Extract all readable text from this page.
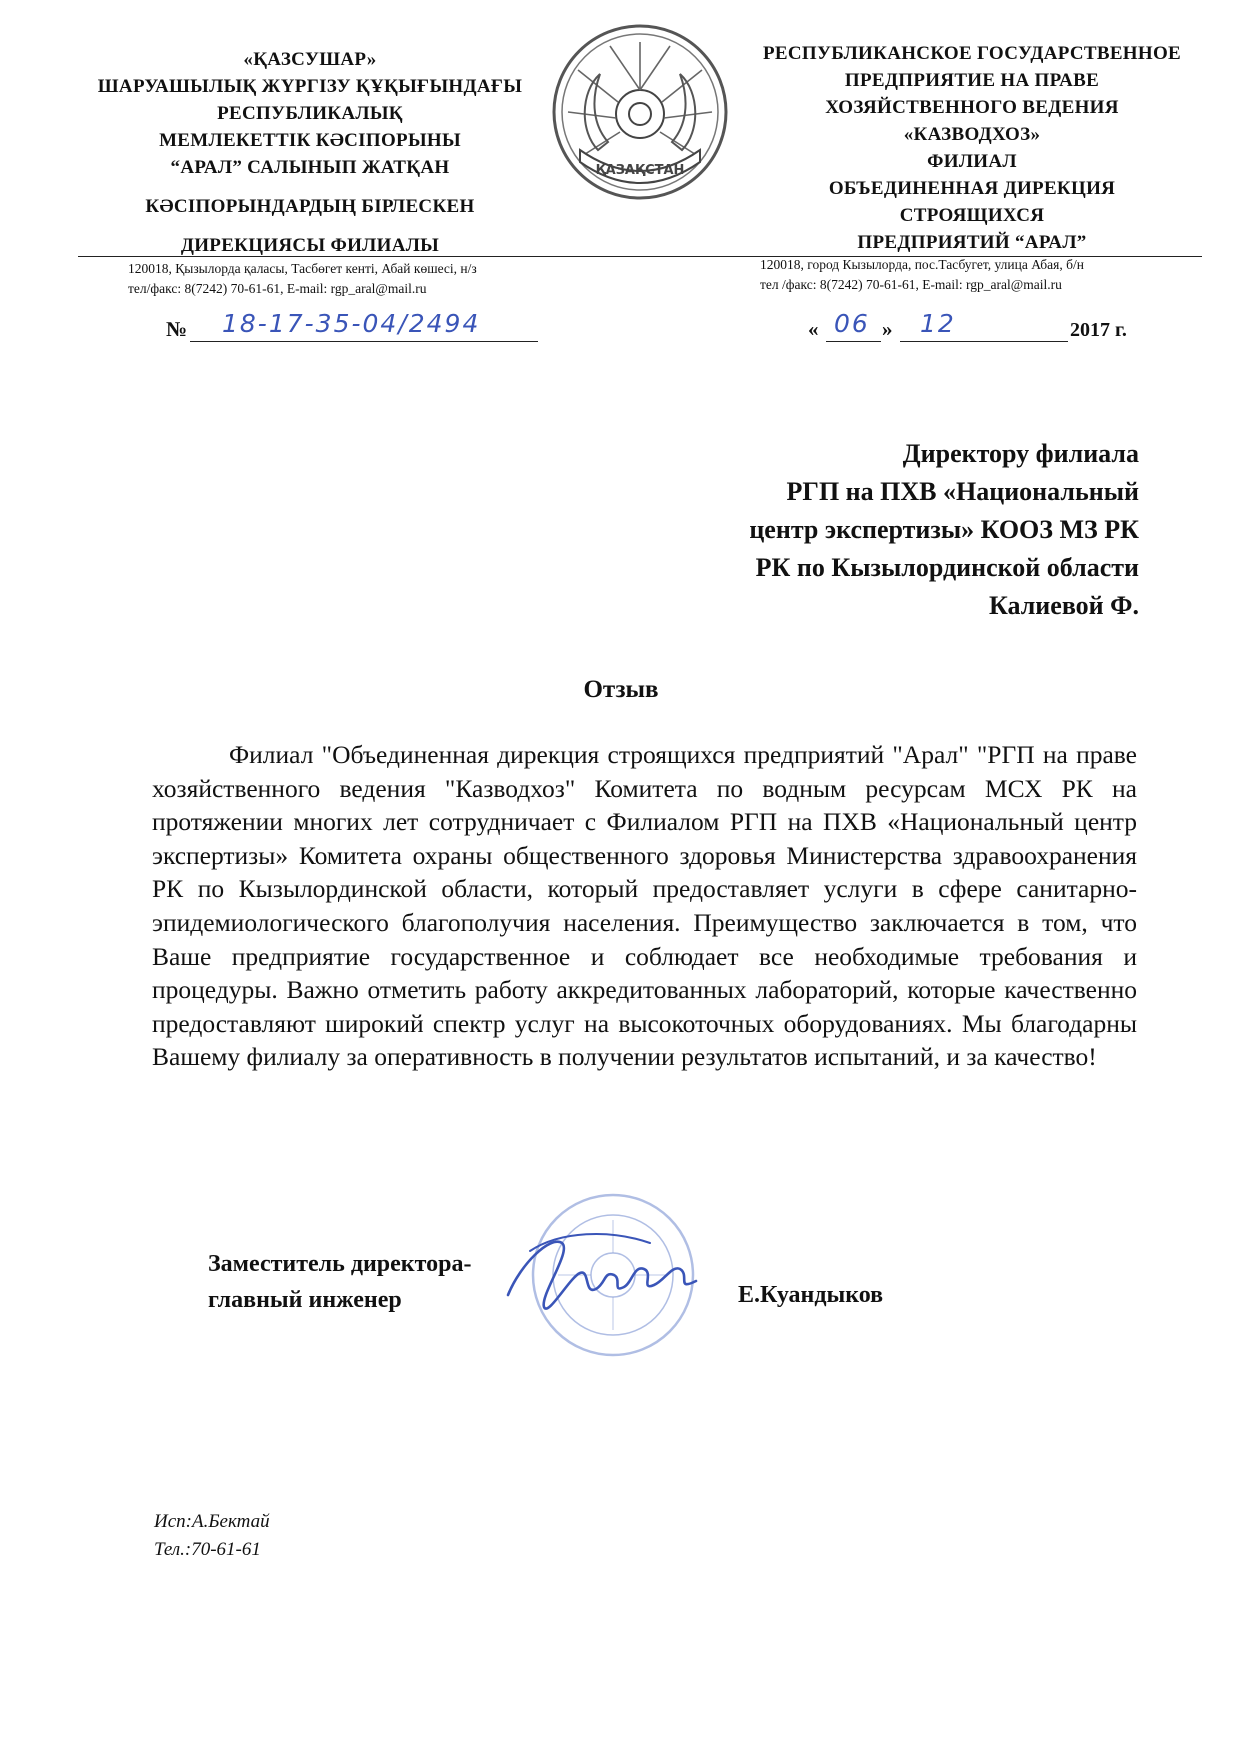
«ҚАЗСУШАР»
ШАРУАШЫЛЫҚ ЖҮРГІЗУ ҚҰҚЫҒЫНДАҒЫ
РЕСПУБЛИКАЛЫҚ
МЕМЛЕКЕТТІК КӘСІПОРЫНЫ
“АРАЛ” САЛЫНЫП ЖАТҚАН
КӘСІПОРЫНДАРДЫҢ БІРЛЕСКЕН
ДИРЕКЦИЯСЫ ФИЛИАЛЫ
ҚАЗАҚСТАН
РЕСПУБЛИКАНСКОЕ ГОСУДАРСТВЕННОЕ
ПРЕДПРИЯТИЕ НА ПРАВЕ
ХОЗЯЙСТВЕННОГО ВЕДЕНИЯ
«КАЗВОДХОЗ»
ФИЛИАЛ
ОБЪЕДИНЕННАЯ ДИРЕКЦИЯ
СТРОЯЩИХСЯ
ПРЕДПРИЯТИЙ “АРАЛ”
120018, Қызылорда қаласы, Тасбөгет кенті, Абай көшесі, н/з
тел/факс: 8(7242) 70-61-61, E-mail: rgp_aral@mail.ru
120018, город Кызылорда, пос.Тасбугет, улица Абая, б/н
тел /факс: 8(7242) 70-61-61, E-mail: rgp_aral@mail.ru
№ 18-17-35-04/2494	« 06 » 12	2017 г.
Директору филиала
РГП на ПХВ «Национальный
центр экспертизы» КООЗ МЗ РК
РК по Кызылординской области
Калиевой Ф.
Отзыв

Филиал "Объединенная дирекция строящихся предприятий "Арал" "РГП на праве хозяйственного ведения "Казводхоз" Комитета по водным ресурсам МСХ РК на протяжении многих лет сотрудничает с Филиалом РГП на ПХВ «Национальный центр экспертизы» Комитета охраны общественного здоровья Министерства здравоохранения РК по Кызылординской области, который предоставляет услуги в сфере санитарно-эпидемиологического благополучия населения. Преимущество заключается в том, что Ваше предприятие государственное и соблюдает все необходимые требования и процедуры. Важно отметить работу аккредитованных лабораторий, которые качественно предоставляют широкий спектр услуг на высокоточных оборудованиях. Мы благодарны Вашему филиалу за оперативность в получении результатов испытаний, и за качество!

Заместитель директора-
главный инженер	Е.Куандыков
Исп:А.Бектай
Тел.:70-61-61
